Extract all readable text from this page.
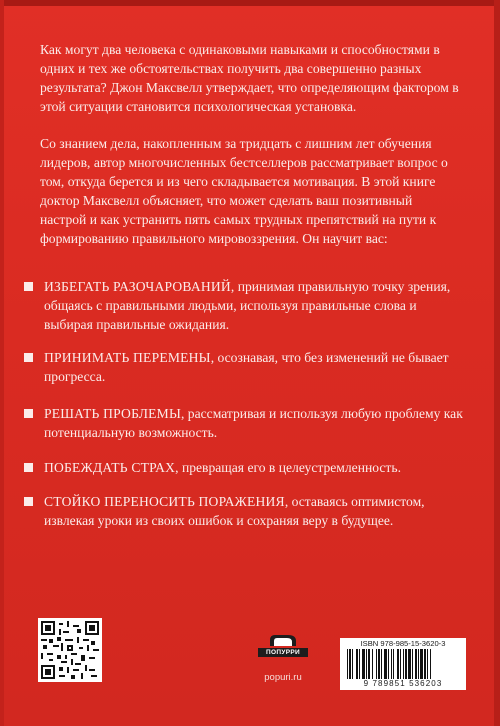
Как могут два человека с одинаковыми навыками и способностями в одних и тех же обстоятельствах получить два совершенно разных результата? Джон Максвелл утверждает, что определяющим фактором в этой ситуации становится психологическая установка.

Со знанием дела, накопленным за тридцать с лишним лет обучения лидеров, автор многочисленных бестселлеров рассматривает вопрос о том, откуда берется и из чего складывается мотивация. В этой книге доктор Максвелл объясняет, что может сделать ваш позитивный настрой и как устранить пять самых трудных препятствий на пути к формированию правильного мировоззрения. Он научит вас:

ИЗБЕГАТЬ РАЗОЧАРОВАНИЙ, принимая правильную точку зрения, общаясь с правильными людьми, используя правильные слова и выбирая правильные ожидания.
ПРИНИМАТЬ ПЕРЕМЕНЫ, осознавая, что без изменений не бывает прогресса.
РЕШАТЬ ПРОБЛЕМЫ, рассматривая и используя любую проблему как потенциальную возможность.
ПОБЕЖДАТЬ СТРАХ, превращая его в целеустремленность.
СТОЙКО ПЕРЕНОСИТЬ ПОРАЖЕНИЯ, оставаясь оптимистом, извлекая уроки из своих ошибок и сохраняя веру в будущее.
ПОПУРРИ
popuri.ru
ISBN 978-985-15-3620-3
9 789851 536203
